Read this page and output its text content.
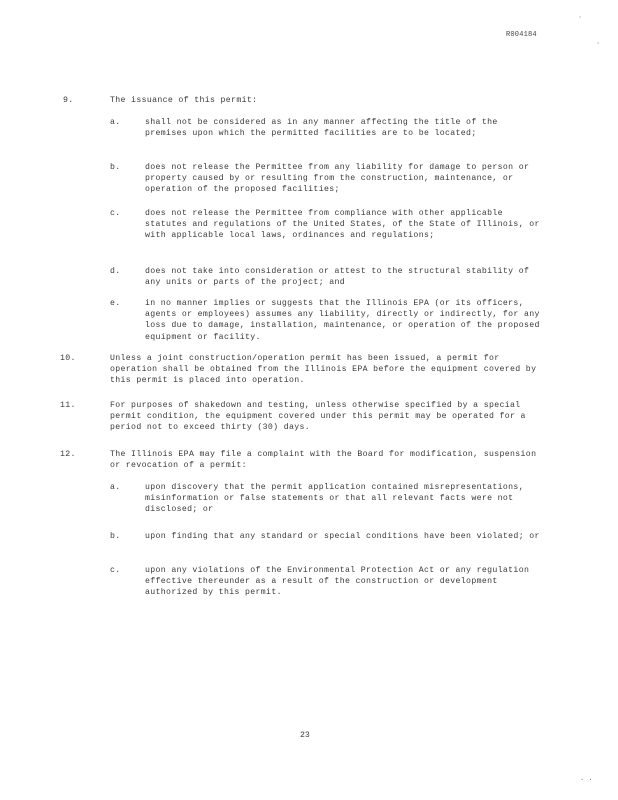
R004184
·
·
. .
9.	The issuance of this permit:
a.	shall not be considered as in any manner affecting the title of the premises upon which the permitted facilities are to be located;
b.	does not release the Permittee from any liability for damage to person or property caused by or resulting from the construction, maintenance, or operation of the proposed facilities;
c.	does not release the Permittee from compliance with other applicable statutes and regulations of the United States, of the State of Illinois, or with applicable local laws, ordinances and regulations;
d.	does not take into consideration or attest to the structural stability of any units or parts of the project; and
e.	in no manner implies or suggests that the Illinois EPA (or its officers, agents or employees) assumes any liability, directly or indirectly, for any loss due to damage, installation, maintenance, or operation of the proposed equipment or facility.
10.	Unless a joint construction/operation permit has been issued, a permit for operation shall be obtained from the Illinois EPA before the equipment covered by this permit is placed into operation.
11.	For purposes of shakedown and testing, unless otherwise specified by a special permit condition, the equipment covered under this permit may be operated for a period not to exceed thirty (30) days.
12.	The Illinois EPA may file a complaint with the Board for modification, suspension or revocation of a permit:
a.	upon discovery that the permit application contained misrepresentations, misinformation or false statements or that all relevant facts were not disclosed; or
b.	upon finding that any standard or special conditions have been violated; or
c.	upon any violations of the Environmental Protection Act or any regulation effective thereunder as a result of the construction or development authorized by this permit.
23
